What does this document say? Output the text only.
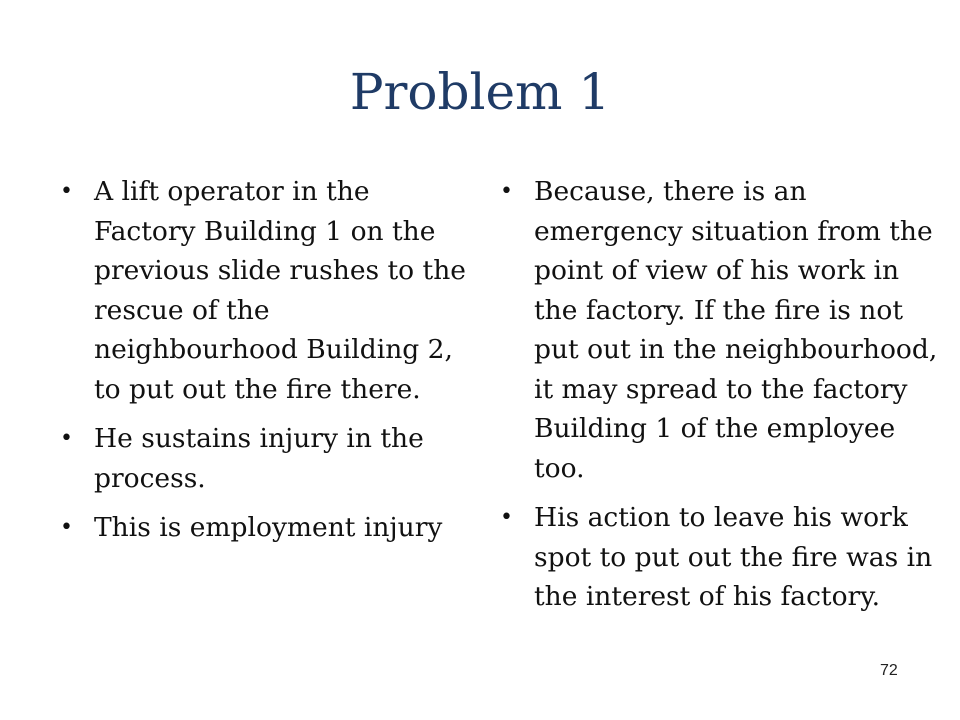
Problem 1
• A lift operator in the Factory Building 1 on the previous slide rushes to the rescue of the neighbourhood Building 2, to put out the fire there.
• He sustains injury in the process.
• This is employment injury
• Because, there is an emergency situation from the point of view of his work in the factory. If the fire is not put out in the neighbourhood, it may spread to the factory Building 1 of the employee too.
• His action to leave his work spot to put out the fire was in the interest of his factory.
72
